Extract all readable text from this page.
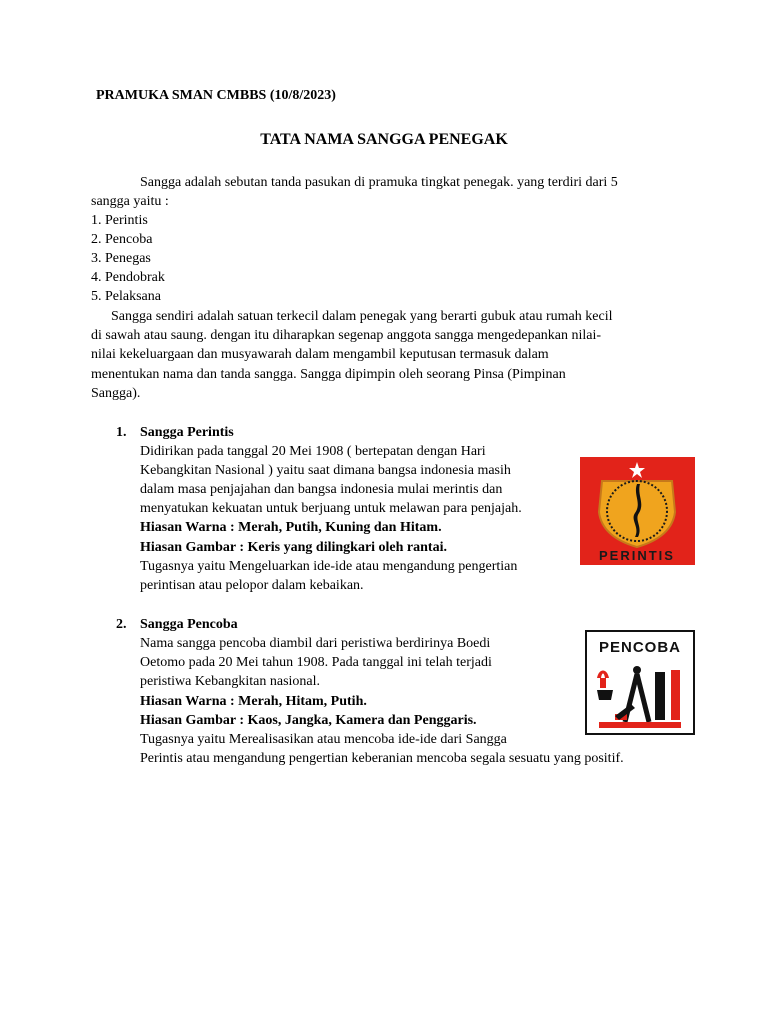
PRAMUKA SMAN CMBBS (10/8/2023)
TATA NAMA SANGGA PENEGAK
Sangga adalah sebutan tanda pasukan di pramuka tingkat penegak. yang terdiri dari 5
sangga yaitu :
1. Perintis
2. Pencoba
3. Penegas
4. Pendobrak
5. Pelaksana
Sangga sendiri adalah satuan terkecil dalam penegak yang berarti gubuk atau rumah kecil
di sawah atau saung. dengan itu diharapkan segenap anggota sangga mengedepankan nilai-
nilai kekeluargaan dan musyawarah dalam mengambil keputusan termasuk dalam
menentukan nama dan tanda sangga. Sangga dipimpin oleh seorang Pinsa (Pimpinan
Sangga).
1. Sangga Perintis
Didirikan pada tanggal 20 Mei 1908 ( bertepatan dengan Hari
Kebangkitan Nasional ) yaitu saat dimana bangsa indonesia masih
dalam masa penjajahan dan bangsa indonesia mulai merintis dan
menyatukan kekuatan untuk berjuang untuk melawan para penjajah.
Hiasan Warna : Merah, Putih, Kuning dan Hitam.
Hiasan Gambar : Keris yang dilingkari oleh rantai.
Tugasnya yaitu Mengeluarkan ide-ide atau mengandung pengertian
perintisan atau pelopor dalam kebaikan.
PERINTIS
2. Sangga Pencoba
Nama sangga pencoba diambil dari peristiwa berdirinya Boedi
Oetomo pada 20 Mei tahun 1908. Pada tanggal ini telah terjadi
peristiwa Kebangkitan nasional.
Hiasan Warna : Merah, Hitam, Putih.
Hiasan Gambar : Kaos, Jangka, Kamera dan Penggaris.
Tugasnya yaitu Merealisasikan atau mencoba ide-ide dari Sangga
Perintis atau mengandung pengertian keberanian mencoba segala sesuatu yang positif.
PENCOBA
